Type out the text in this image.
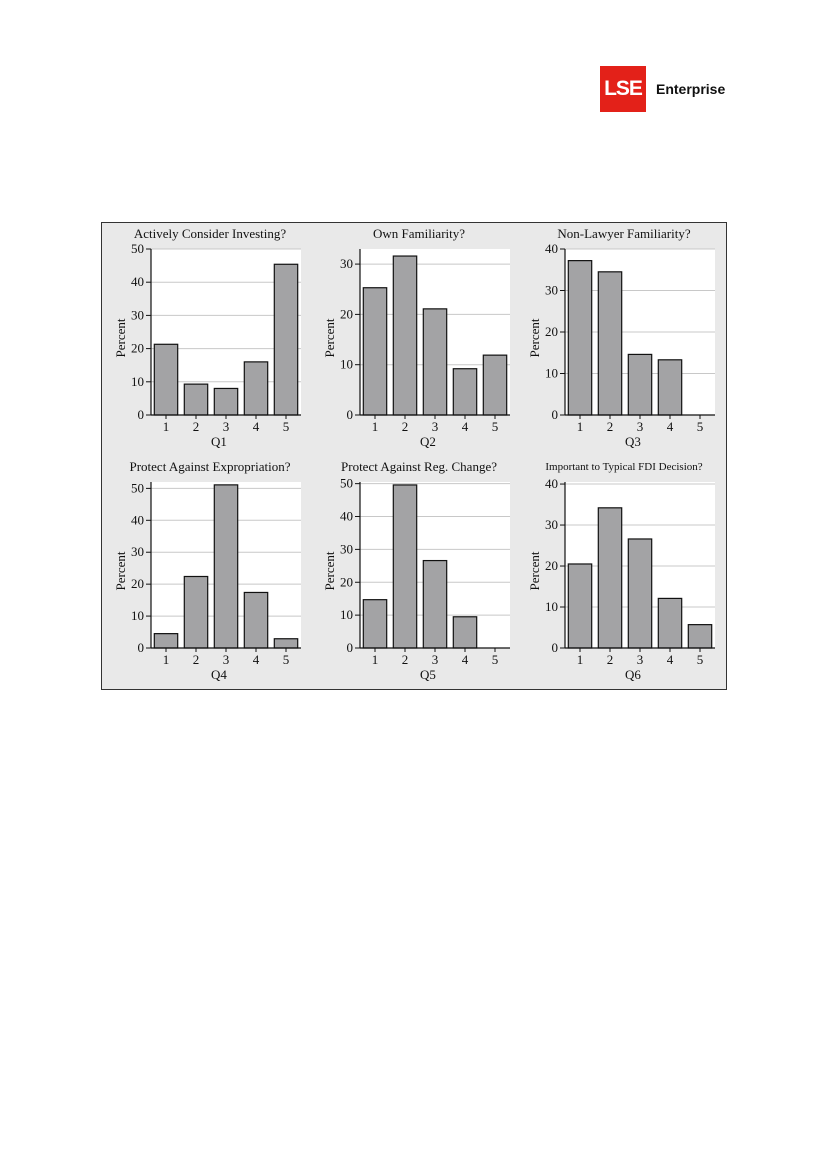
LSE Enterprise
Actively Consider Investing?
Percent
0
10
20
30
40
50
1 2 3 4 5
Q1
Own Familiarity?
Percent
0
10
20
30
1 2 3 4 5
Q2
Non-Lawyer Familiarity?
Percent
0
10
20
30
40
1 2 3 4 5
Q3
Protect Against Expropriation?
Percent
0
10
20
30
40
50
1 2 3 4 5
Q4
Protect Against Reg. Change?
Percent
0
10
20
30
40
50
1 2 3 4 5
Q5
Important to Typical FDI Decision?
Percent
0
10
20
30
40
1 2 3 4 5
Q6
